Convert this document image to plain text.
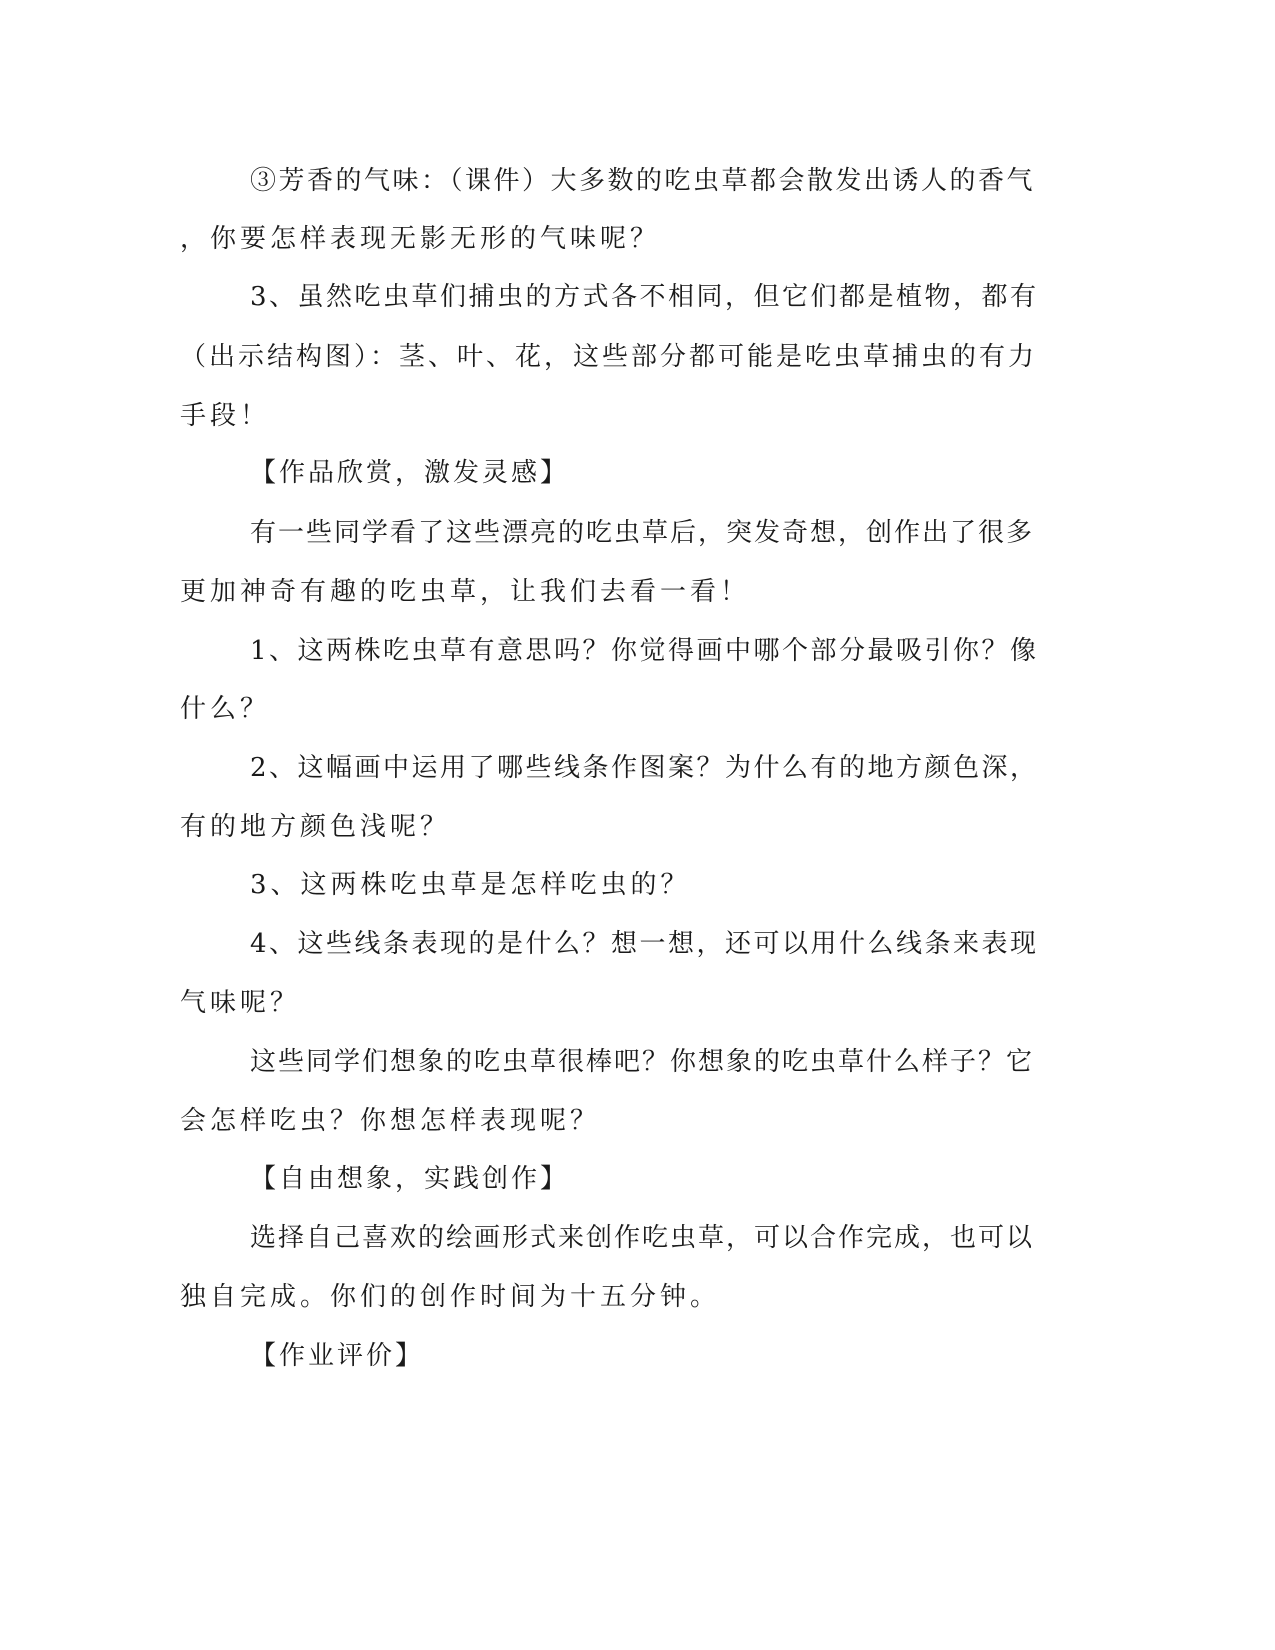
③芳香的气味：（课件）大多数的吃虫草都会散发出诱人的香气
，你要怎样表现无影无形的气味呢？
3、虽然吃虫草们捕虫的方式各不相同，但它们都是植物，都有
（出示结构图）：茎、叶、花，这些部分都可能是吃虫草捕虫的有力
手段！
【作品欣赏，激发灵感】
有一些同学看了这些漂亮的吃虫草后，突发奇想，创作出了很多
更加神奇有趣的吃虫草，让我们去看一看！
1、这两株吃虫草有意思吗？你觉得画中哪个部分最吸引你？像
什么？
2、这幅画中运用了哪些线条作图案？为什么有的地方颜色深，
有的地方颜色浅呢？
3、这两株吃虫草是怎样吃虫的？
4、这些线条表现的是什么？想一想，还可以用什么线条来表现
气味呢？
这些同学们想象的吃虫草很棒吧？你想象的吃虫草什么样子？它
会怎样吃虫？你想怎样表现呢？
【自由想象，实践创作】
选择自己喜欢的绘画形式来创作吃虫草，可以合作完成，也可以
独自完成。你们的创作时间为十五分钟。
【作业评价】
